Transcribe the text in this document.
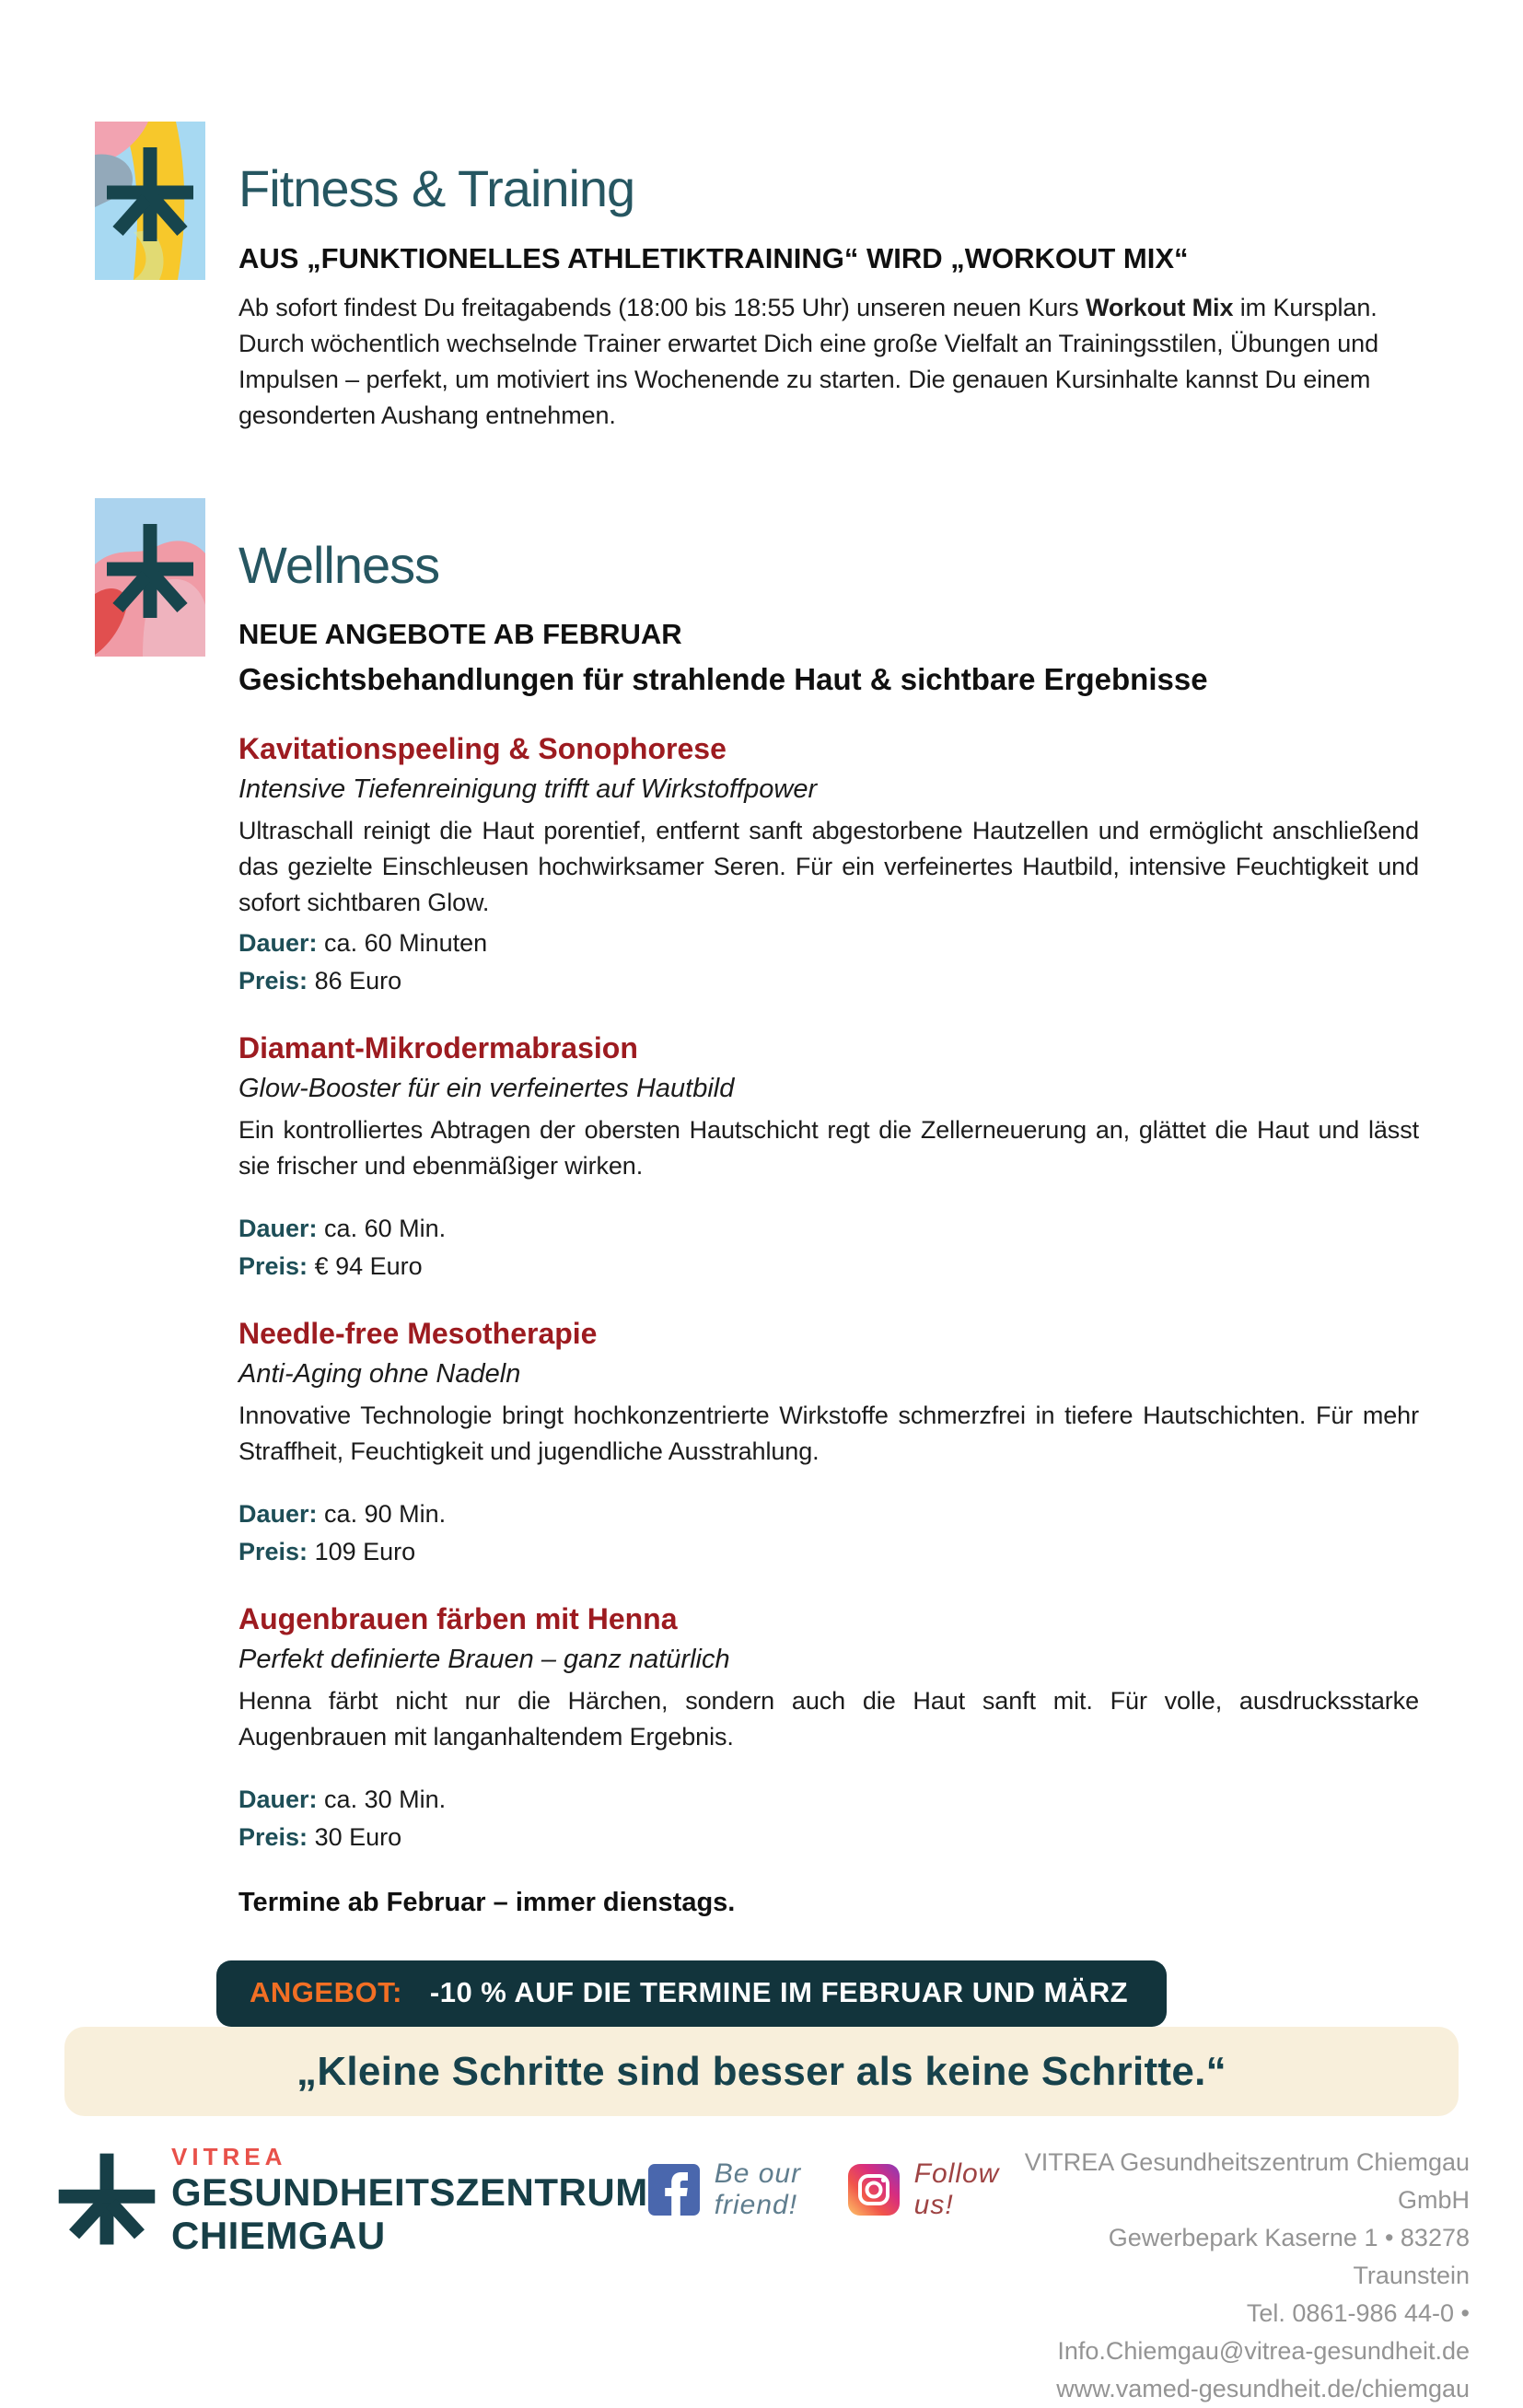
Fitness & Training

AUS „FUNKTIONELLES ATHLETIKTRAINING“ WIRD „WORKOUT MIX“

Ab sofort findest Du freitagabends (18:00 bis 18:55 Uhr) unseren neuen Kurs Workout Mix im Kursplan. Durch wöchentlich wechselnde Trainer erwartet Dich eine große Vielfalt an Trainingsstilen, Übungen und Impulsen – perfekt, um motiviert ins Wochenende zu starten. Die genauen Kursinhalte kannst Du einem gesonderten Aushang entnehmen.

Wellness

NEUE ANGEBOTE AB FEBRUAR

Gesichtsbehandlungen für strahlende Haut & sichtbare Ergebnisse

Kavitationspeeling & Sonophorese

Intensive Tiefenreinigung trifft auf Wirkstoffpower

Ultraschall reinigt die Haut porentief, entfernt sanft abgestorbene Hautzellen und ermöglicht anschließend das gezielte Einschleusen hochwirksamer Seren. Für ein verfeinertes Hautbild, intensive Feuchtigkeit und sofort sichtbaren Glow.

Dauer: ca. 60 Minuten
Preis: 86 Euro

Diamant-Mikrodermabrasion

Glow-Booster für ein verfeinertes Hautbild

Ein kontrolliertes Abtragen der obersten Hautschicht regt die Zellerneuerung an, glättet die Haut und lässt sie frischer und ebenmäßiger wirken.

Dauer: ca. 60 Min.
Preis: € 94 Euro

Needle-free Mesotherapie

Anti-Aging ohne Nadeln

Innovative Technologie bringt hochkonzentrierte Wirkstoffe schmerzfrei in tiefere Hautschichten. Für mehr Straffheit, Feuchtigkeit und jugendliche Ausstrahlung.

Dauer: ca. 90 Min.
Preis: 109 Euro

Augenbrauen färben mit Henna

Perfekt definierte Brauen – ganz natürlich

Henna färbt nicht nur die Härchen, sondern auch die Haut sanft mit. Für volle, ausdrucksstarke Augenbrauen mit langanhaltendem Ergebnis.

Dauer: ca. 30 Min.
Preis: 30 Euro

Termine ab Februar – immer dienstags.

ANGEBOT: -10 % AUF DIE TERMINE IM FEBRUAR UND MÄRZ
„Kleine Schritte sind besser als keine Schritte.“
VITREA
GESUNDHEITSZENTRUM
CHIEMGAU
Be our friend!
Follow us!
VITREA Gesundheitszentrum Chiemgau GmbH
Gewerbepark Kaserne 1 • 83278 Traunstein
Tel. 0861-986 44-0 • Info.Chiemgau@vitrea-gesundheit.de
www.vamed-gesundheit.de/chiemgau
